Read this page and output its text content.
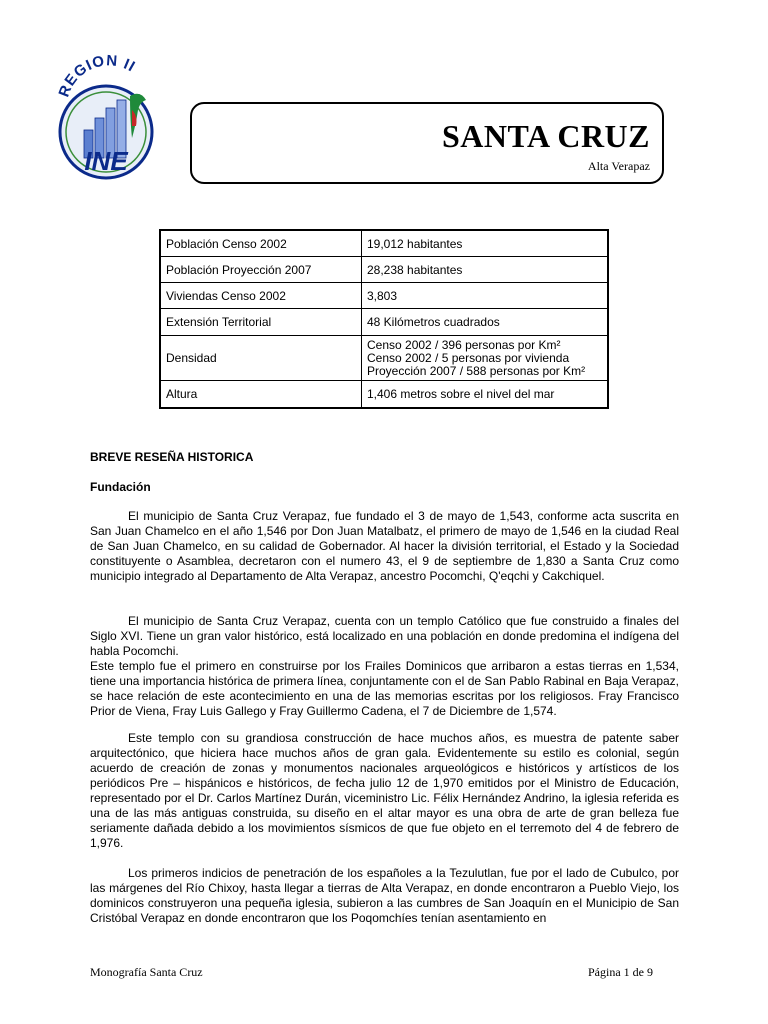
REGION II
INE
SANTA CRUZ
Alta Verapaz
Población Censo 2002	19,012 habitantes
Población Proyección 2007	28,238 habitantes
Viviendas Censo 2002	3,803
Extensión Territorial	48 Kilómetros cuadrados
Densidad	Censo 2002 / 396 personas por Km²
Censo 2002 / 5 personas por vivienda
Proyección 2007 / 588 personas por Km²

Altura	1,406 metros sobre el nivel del mar
BREVE RESEÑA HISTORICA
Fundación

El municipio de Santa Cruz Verapaz, fue fundado el 3 de mayo de 1,543, conforme acta suscrita en San Juan Chamelco en el año 1,546 por Don Juan Matalbatz, el primero de mayo de 1,546 en la ciudad Real de San Juan Chamelco, en su calidad de Gobernador. Al hacer la división territorial, el Estado y la Sociedad constituyente o Asamblea, decretaron con el numero 43, el 9 de septiembre de 1,830 a Santa Cruz como municipio integrado al Departamento de Alta Verapaz, ancestro Pocomchi, Q'eqchi y Cakchiquel.

El municipio de Santa Cruz Verapaz, cuenta con un templo Católico que fue construido a finales del Siglo XVI. Tiene un gran valor histórico, está localizado en una población en donde predomina el indígena del habla Pocomchi.

Este templo fue el primero en construirse por los Frailes Dominicos que arribaron a estas tierras en 1,534, tiene una importancia histórica de primera línea, conjuntamente con el de San Pablo Rabinal en Baja Verapaz, se hace relación de este acontecimiento en una de las memorias escritas por los religiosos. Fray Francisco Prior de Viena, Fray Luis Gallego y Fray Guillermo Cadena, el 7 de Diciembre de 1,574.

Este templo con su grandiosa construcción de hace muchos años, es muestra de patente saber arquitectónico, que hiciera hace muchos años de gran gala. Evidentemente su estilo es colonial, según acuerdo de creación de zonas y monumentos nacionales arqueológicos e históricos y artísticos de los periódicos Pre – hispánicos e históricos, de fecha julio 12 de 1,970 emitidos por el Ministro de Educación, representado por el Dr. Carlos Martínez Durán, viceministro Lic. Félix Hernández Andrino, la iglesia referida es una de las más antiguas construida, su diseño en el altar mayor es una obra de arte de gran belleza fue seriamente dañada debido a los movimientos sísmicos de que fue objeto en el terremoto del 4 de febrero de 1,976.

Los primeros indicios de penetración de los españoles a la Tezulutlan, fue por el lado de Cubulco, por las márgenes del Río Chixoy, hasta llegar a tierras de Alta Verapaz, en donde encontraron a Pueblo Viejo, los dominicos construyeron una pequeña iglesia, subieron a las cumbres de San Joaquín en el Municipio de San Cristóbal Verapaz en donde encontraron que los Poqomchíes tenían asentamiento en

Monografía Santa Cruz	Página 1 de 9
